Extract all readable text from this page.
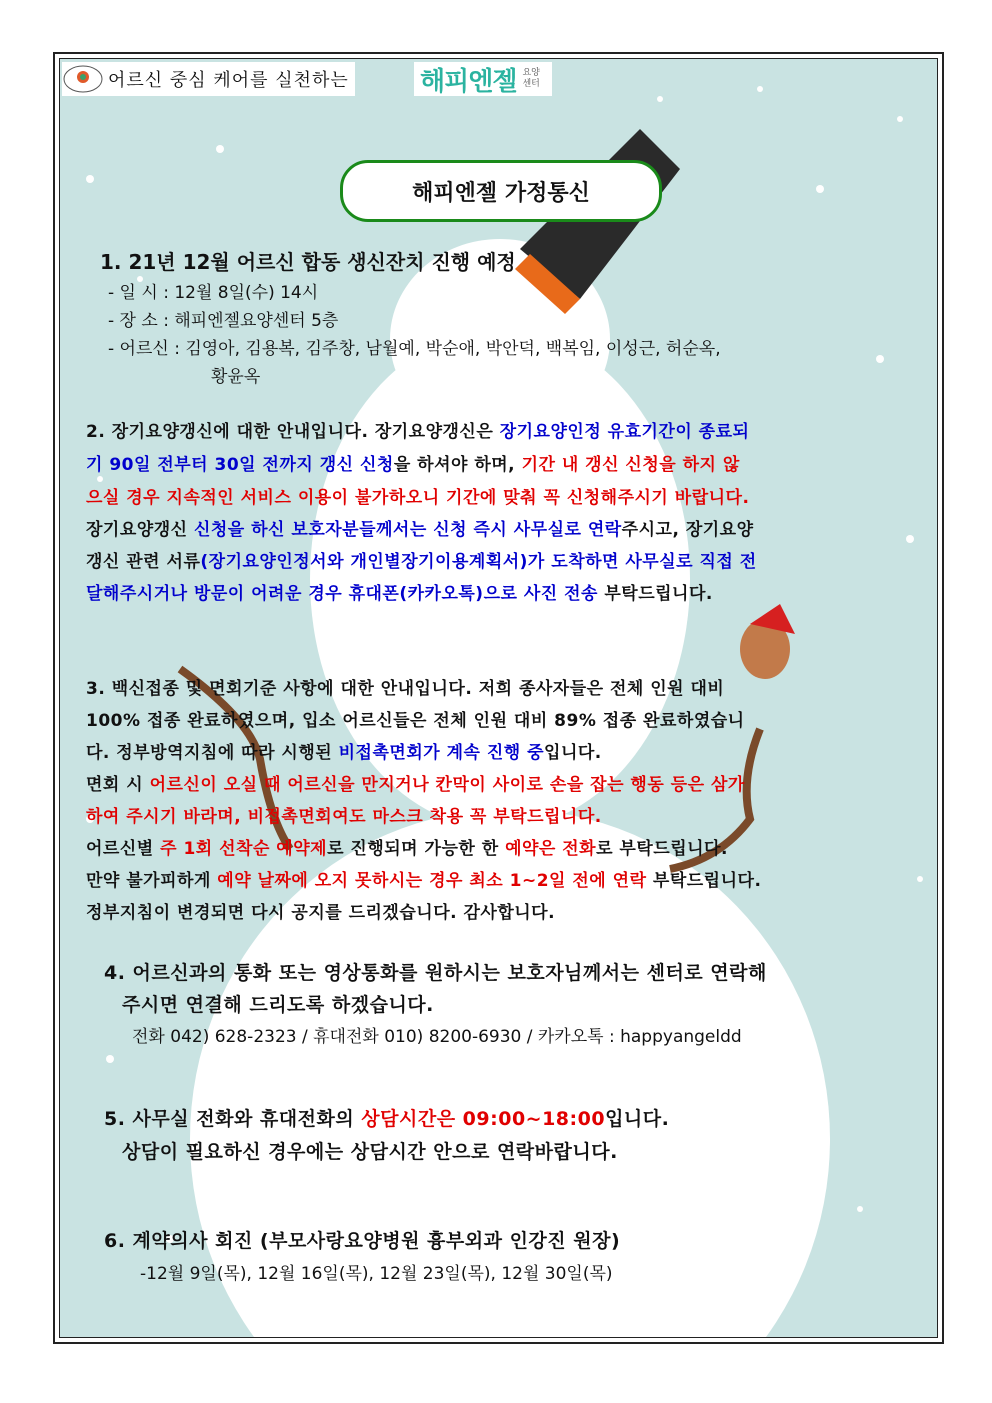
어르신 중심 케어를 실천하는	해피엔젤 요양
센터
해피엔젤 가정통신
1. 21년 12월 어르신 합동 생신잔치 진행 예정
- 일 시 : 12월 8일(수) 14시
- 장 소 : 해피엔젤요양센터 5층
- 어르신 : 김영아, 김용복, 김주창, 남월예, 박순애, 박안덕, 백복임, 이성근, 허순옥,
황윤옥
2. 장기요양갱신에 대한 안내입니다. 장기요양갱신은 장기요양인정 유효기간이 종료되
기 90일 전부터 30일 전까지 갱신 신청을 하셔야 하며, 기간 내 갱신 신청을 하지 않
으실 경우 지속적인 서비스 이용이 불가하오니 기간에 맞춰 꼭 신청해주시기 바랍니다.
장기요양갱신 신청을 하신 보호자분들께서는 신청 즉시 사무실로 연락주시고, 장기요양
갱신 관련 서류(장기요양인정서와 개인별장기이용계획서)가 도착하면 사무실로 직접 전
달해주시거나 방문이 어려운 경우 휴대폰(카카오톡)으로 사진 전송 부탁드립니다.
3. 백신접종 및 면회기준 사항에 대한 안내입니다. 저희 종사자들은 전체 인원 대비
100% 접종 완료하였으며, 입소 어르신들은 전체 인원 대비 89% 접종 완료하였습니
다. 정부방역지침에 따라 시행된 비접촉면회가 계속 진행 중입니다.
면회 시 어르신이 오실 때 어르신을 만지거나 칸막이 사이로 손을 잡는 행동 등은 삼가
하여 주시기 바라며, 비접촉면회여도 마스크 착용 꼭 부탁드립니다.
어르신별 주 1회 선착순 예약제로 진행되며 가능한 한 예약은 전화로 부탁드립니다.
만약 불가피하게 예약 날짜에 오지 못하시는 경우 최소 1~2일 전에 연락 부탁드립니다.
정부지침이 변경되면 다시 공지를 드리겠습니다. 감사합니다.
4. 어르신과의 통화 또는 영상통화를 원하시는 보호자님께서는 센터로 연락해
주시면 연결해 드리도록 하겠습니다.
전화 042) 628-2323 / 휴대전화 010) 8200-6930 / 카카오톡 : happyangeldd
5. 사무실 전화와 휴대전화의 상담시간은 09:00~18:00입니다.
상담이 필요하신 경우에는 상담시간 안으로 연락바랍니다.
6. 계약의사 회진 (부모사랑요양병원 흉부외과 인강진 원장)
-12월 9일(목), 12월 16일(목), 12월 23일(목), 12월 30일(목)
